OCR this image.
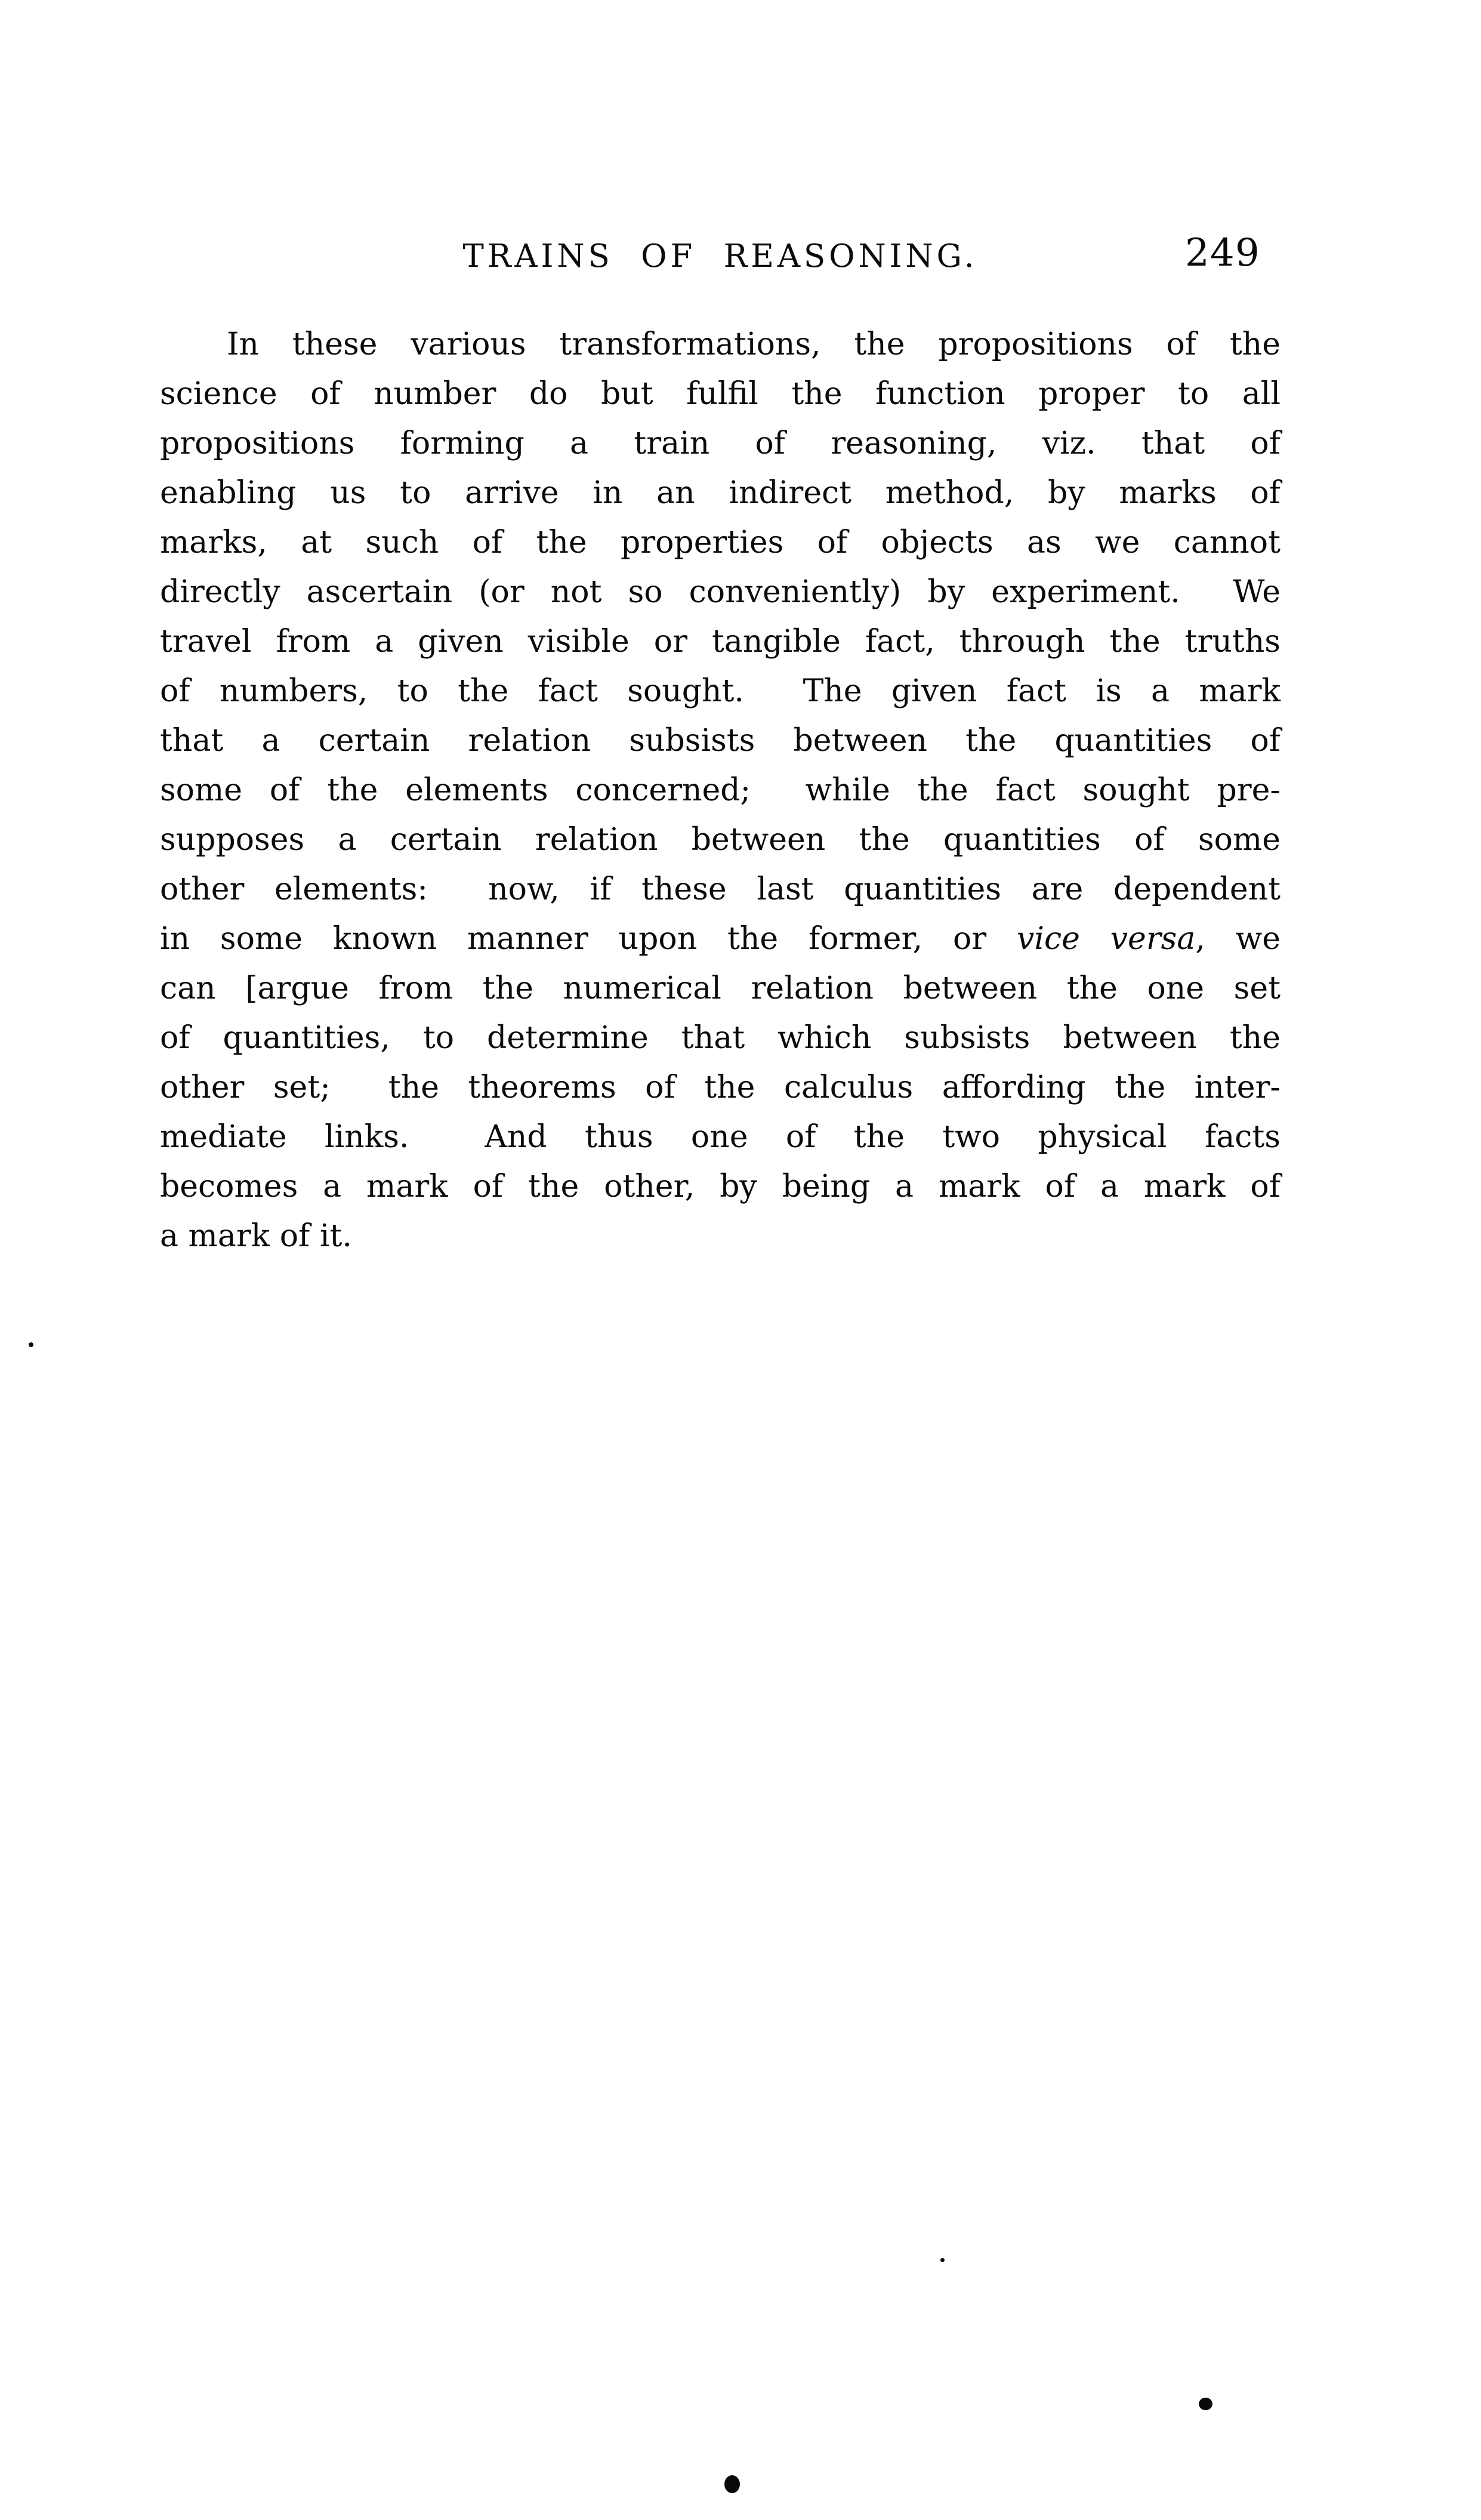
TRAINS OF REASONING.	249
In these various transformations, the propositions of the
science of number do but fulfil the function proper to all
propositions forming a train of reasoning, viz. that of
enabling us to arrive in an indirect method, by marks of
marks, at such of the properties of objects as we cannot
directly ascertain (or not so conveniently) by experiment.  We
travel from a given visible or tangible fact, through the truths
of numbers, to the fact sought.  The given fact is a mark
that a certain relation subsists between the quantities of
some of the elements concerned;  while the fact sought pre-
supposes a certain relation between the quantities of some
other elements:  now, if these last quantities are dependent
in some known manner upon the former, or vice versa, we
can [argue from the numerical relation between the one set
of quantities, to determine that which subsists between the
other set;  the theorems of the calculus affording the inter-
mediate links.  And thus one of the two physical facts
becomes a mark of the other, by being a mark of a mark of
a mark of it.
